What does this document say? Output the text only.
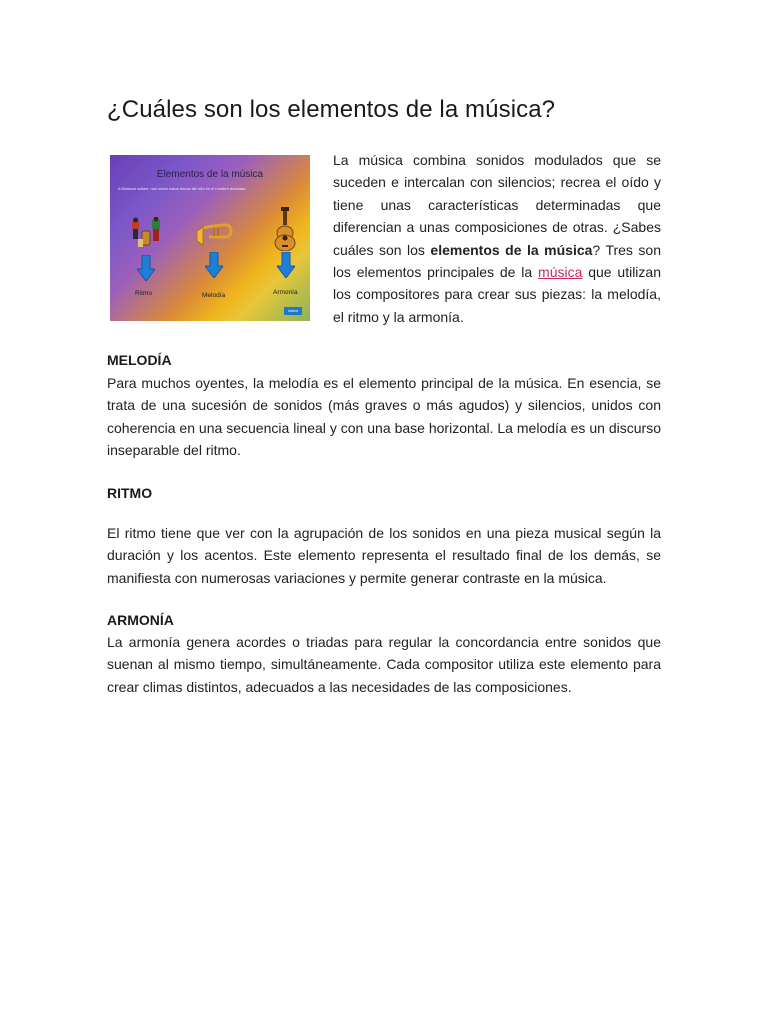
¿Cuáles son los elementos de la música?
Elementos de la música
A Músicos saben: nos sobre estos temas del ello en el nombre deseado.
Ritmo	Melodía	Armonía
índice

La música combina sonidos modulados que se suceden e intercalan con silencios; recrea el oído y tiene unas características determinadas que diferencian a unas composiciones de otras. ¿Sabes cuáles son los elementos de la música? Tres son los elementos principales de la música que utilizan los compositores para crear sus piezas: la melodía, el ritmo y la armonía.

MELODÍA

Para muchos oyentes, la melodía es el elemento principal de la música. En esencia, se trata de una sucesión de sonidos (más graves o más agudos) y silencios, unidos con coherencia en una secuencia lineal y con una base horizontal. La melodía es un discurso inseparable del ritmo.

RITMO

El ritmo tiene que ver con la agrupación de los sonidos en una pieza musical según la duración y los acentos. Este elemento representa el resultado final de los demás, se manifiesta con numerosas variaciones y permite generar contraste en la música.

ARMONÍA

La armonía genera acordes o triadas para regular la concordancia entre sonidos que suenan al mismo tiempo, simultáneamente. Cada compositor utiliza este elemento para crear climas distintos, adecuados a las necesidades de las composiciones.
